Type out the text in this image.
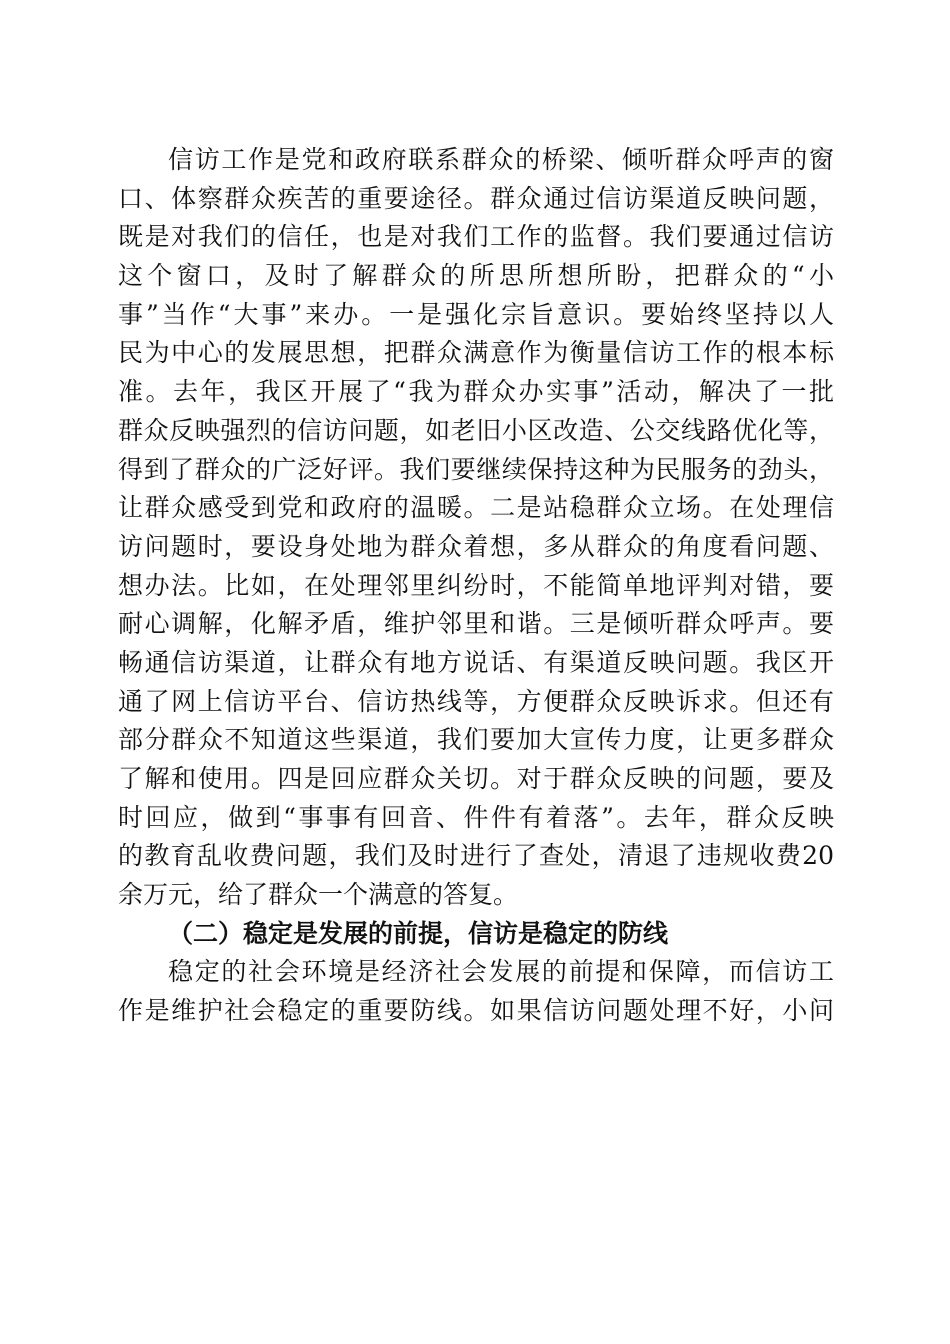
信访工作是党和政府联系群众的桥梁、倾听群众呼声的窗
口、体察群众疾苦的重要途径。群众通过信访渠道反映问题，
既是对我们的信任，也是对我们工作的监督。我们要通过信访
这个窗口，及时了解群众的所思所想所盼，把群众的“小
事”当作“大事”来办。一是强化宗旨意识。要始终坚持以人
民为中心的发展思想，把群众满意作为衡量信访工作的根本标
准。去年，我区开展了“我为群众办实事”活动，解决了一批
群众反映强烈的信访问题，如老旧小区改造、公交线路优化等，
得到了群众的广泛好评。我们要继续保持这种为民服务的劲头，
让群众感受到党和政府的温暖。二是站稳群众立场。在处理信
访问题时，要设身处地为群众着想，多从群众的角度看问题、
想办法。比如，在处理邻里纠纷时，不能简单地评判对错，要
耐心调解，化解矛盾，维护邻里和谐。三是倾听群众呼声。要
畅通信访渠道，让群众有地方说话、有渠道反映问题。我区开
通了网上信访平台、信访热线等，方便群众反映诉求。但还有
部分群众不知道这些渠道，我们要加大宣传力度，让更多群众
了解和使用。四是回应群众关切。对于群众反映的问题，要及
时回应，做到“事事有回音、件件有着落”。去年，群众反映
的教育乱收费问题，我们及时进行了查处，清退了违规收费20
余万元，给了群众一个满意的答复。
（二）稳定是发展的前提，信访是稳定的防线
稳定的社会环境是经济社会发展的前提和保障，而信访工
作是维护社会稳定的重要防线。如果信访问题处理不好，小问
